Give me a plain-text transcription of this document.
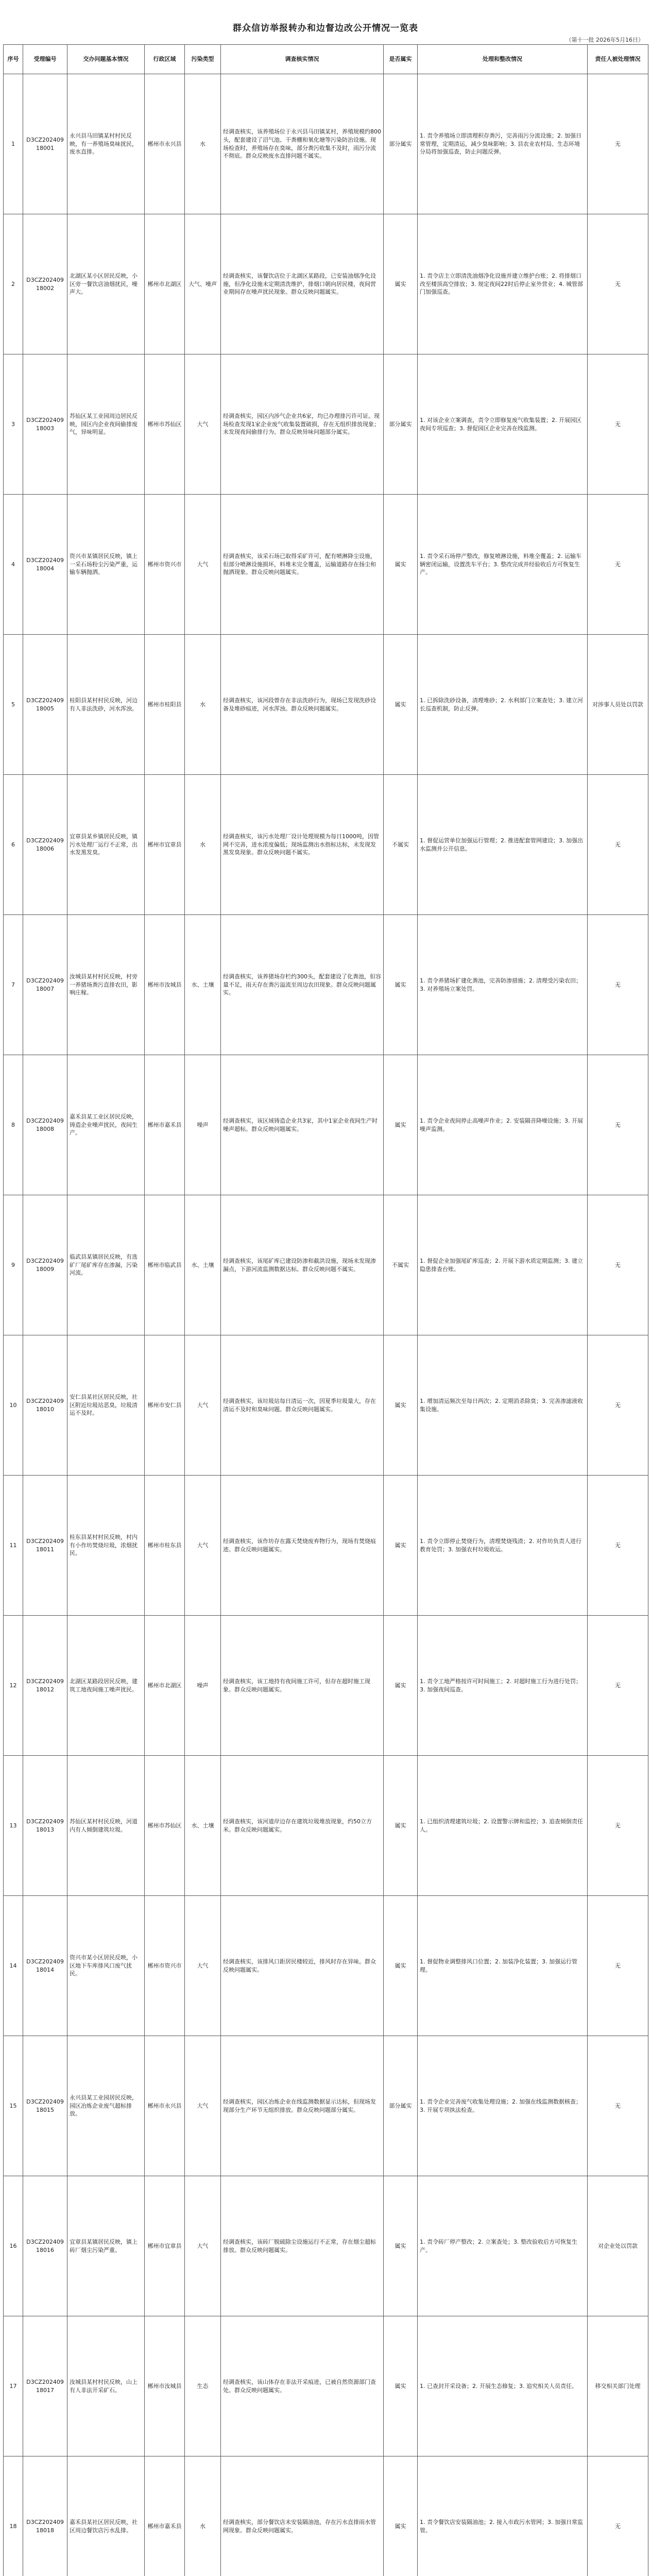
群众信访举报转办和边督边改公开情况一览表
（第十一批 2026年5月16日）
序号	受理编号	交办问题基本情况	行政区域	污染类型	调查核实情况	是否属实	处理和整改情况	责任人被处理情况
1	D3CZ20240918001	永兴县马田镇某村村民反映，有一养殖场臭味扰民，废水直排。	郴州市永兴县	水	经调查核实，该养殖场位于永兴县马田镇某村，养殖规模约800头，配套建设了沼气池、干粪棚和氧化塘等污染防治设施。现场检查时，养殖场存在臭味，部分粪污收集不及时，雨污分流不彻底。群众反映废水直排问题不属实。	部分属实	1. 责令养殖场立即清理积存粪污，完善雨污分流设施；2. 加强日常管理，定期清运，减少臭味影响；3. 县农业农村局、生态环境分局将加强巡查，防止问题反弹。	无
2	D3CZ20240918002	北湖区某小区居民反映，小区旁一餐饮店油烟扰民，噪声大。	郴州市北湖区	大气、噪声	经调查核实，该餐饮店位于北湖区某路段，已安装油烟净化设施，但净化设施未定期清洗维护，排烟口朝向居民楼，夜间营业期间存在噪声扰民现象。群众反映问题属实。	属实	1. 责令店主立即清洗油烟净化设施并建立维护台账；2. 将排烟口改至楼顶高空排放；3. 规定夜间22时后停止室外营业；4. 城管部门加强巡查。	无
3	D3CZ20240918003	苏仙区某工业园周边居民反映，园区内企业夜间偷排废气，异味明显。	郴州市苏仙区	大气	经调查核实，园区内涉气企业共6家，均已办理排污许可证。现场检查发现1家企业废气收集装置破损，存在无组织排放现象；未发现夜间偷排行为。群众反映异味问题部分属实。	部分属实	1. 对该企业立案调查，责令立即修复废气收集装置；2. 开展园区夜间专项巡查；3. 督促园区企业完善在线监测。	无
4	D3CZ20240918004	资兴市某镇居民反映，镇上一采石场粉尘污染严重，运输车辆抛洒。	郴州市资兴市	大气	经调查核实，该采石场已取得采矿许可，配有喷淋降尘设施，但部分喷淋设施损坏，料堆未完全覆盖，运输道路存在扬尘和抛洒现象。群众反映问题属实。	属实	1. 责令采石场停产整改，修复喷淋设施，料堆全覆盖；2. 运输车辆密闭运输，设置洗车平台；3. 整改完成并经验收后方可恢复生产。	无
5	D3CZ20240918005	桂阳县某村村民反映，河边有人非法洗砂，河水浑浊。	郴州市桂阳县	水	经调查核实，该河段曾存在非法洗砂行为，现场已发现洗砂设备及堆砂痕迹，河水浑浊。群众反映问题属实。	属实	1. 已拆除洗砂设备，清理堆砂；2. 水利部门立案查处；3. 建立河长巡查机制，防止反弹。	对涉事人员处以罚款
6	D3CZ20240918006	宜章县某乡镇居民反映，镇污水处理厂运行不正常，出水发黑发臭。	郴州市宜章县	水	经调查核实，该污水处理厂设计处理规模为每日1000吨，因管网不完善，进水浓度偏低；现场监测出水指标达标，未发现发黑发臭现象。群众反映问题不属实。	不属实	1. 督促运营单位加强运行管理；2. 推进配套管网建设；3. 加强出水监测并公开信息。	无
7	D3CZ20240918007	汝城县某村村民反映，村旁一养猪场粪污直排农田，影响庄稼。	郴州市汝城县	水、土壤	经调查核实，该养猪场存栏约300头，配套建设了化粪池，但容量不足，雨天存在粪污溢流至周边农田现象。群众反映问题属实。	属实	1. 责令养猪场扩建化粪池，完善防渗措施；2. 清理受污染农田；3. 对养殖场立案处罚。	无
8	D3CZ20240918008	嘉禾县某工业区居民反映，铸造企业噪声扰民，夜间生产。	郴州市嘉禾县	噪声	经调查核实，该区域铸造企业共3家，其中1家企业夜间生产时噪声超标。群众反映问题属实。	属实	1. 责令企业夜间停止高噪声作业；2. 安装隔音降噪设施；3. 开展噪声监测。	无
9	D3CZ20240918009	临武县某镇居民反映，有选矿厂尾矿库存在渗漏，污染河流。	郴州市临武县	水、土壤	经调查核实，该尾矿库已建设防渗和截洪设施，现场未发现渗漏点，下游河流监测数据达标。群众反映问题不属实。	不属实	1. 督促企业加强尾矿库巡查；2. 开展下游水质定期监测；3. 建立隐患排查台账。	无
10	D3CZ20240918010	安仁县某社区居民反映，社区附近垃圾站恶臭，垃圾清运不及时。	郴州市安仁县	大气	经调查核实，该垃圾站每日清运一次，因夏季垃圾量大，存在清运不及时和臭味问题。群众反映问题属实。	属实	1. 增加清运频次至每日两次；2. 定期消杀除臭；3. 完善渗滤液收集设施。	无
11	D3CZ20240918011	桂东县某村村民反映，村内有小作坊焚烧垃圾，浓烟扰民。	郴州市桂东县	大气	经调查核实，该作坊存在露天焚烧废弃物行为，现场有焚烧痕迹。群众反映问题属实。	属实	1. 责令立即停止焚烧行为，清理焚烧残渣；2. 对作坊负责人进行教育处罚；3. 加强农村垃圾收运。	无
12	D3CZ20240918012	北湖区某路段居民反映，建筑工地夜间施工噪声扰民。	郴州市北湖区	噪声	经调查核实，该工地持有夜间施工许可，但存在超时施工现象。群众反映问题属实。	属实	1. 责令工地严格按许可时间施工；2. 对超时施工行为进行处罚；3. 加强夜间巡查。	无
13	D3CZ20240918013	苏仙区某村村民反映，河道内有人倾倒建筑垃圾。	郴州市苏仙区	水、土壤	经调查核实，该河道岸边存在建筑垃圾堆放现象，约50立方米。群众反映问题属实。	属实	1. 已组织清理建筑垃圾；2. 设置警示牌和监控；3. 追查倾倒责任人。	无
14	D3CZ20240918014	资兴市某小区居民反映，小区地下车库排风口废气扰民。	郴州市资兴市	大气	经调查核实，该排风口距居民楼较近，排风时存在异味。群众反映问题属实。	属实	1. 督促物业调整排风口位置；2. 加装净化装置；3. 加强运行管理。	无
15	D3CZ20240918015	永兴县某工业园居民反映，园区冶炼企业废气超标排放。	郴州市永兴县	大气	经调查核实，园区冶炼企业在线监测数据显示达标，但现场发现部分生产环节无组织排放。群众反映问题部分属实。	部分属实	1. 责令企业完善废气收集处理设施；2. 加强在线监测数据核查；3. 开展专项执法检查。	无
16	D3CZ20240918016	宜章县某镇居民反映，镇上砖厂烟尘污染严重。	郴州市宜章县	大气	经调查核实，该砖厂脱硫除尘设施运行不正常，存在烟尘超标排放。群众反映问题属实。	属实	1. 责令砖厂停产整改；2. 立案查处；3. 整改验收后方可恢复生产。	对企业处以罚款
17	D3CZ20240918017	汝城县某村村民反映，山上有人非法开采矿石。	郴州市汝城县	生态	经调查核实，该山体存在非法开采痕迹，已被自然资源部门查处。群众反映问题属实。	属实	1. 已查封开采设备；2. 开展生态修复；3. 追究相关人员责任。	移交相关部门处理
18	D3CZ20240918018	嘉禾县某社区居民反映，社区周边餐饮店污水乱排。	郴州市嘉禾县	水	经调查核实，部分餐饮店未安装隔油池，存在污水直排雨水管网现象。群众反映问题属实。	属实	1. 责令餐饮店安装隔油池；2. 接入市政污水管网；3. 加强日常监管。	无
